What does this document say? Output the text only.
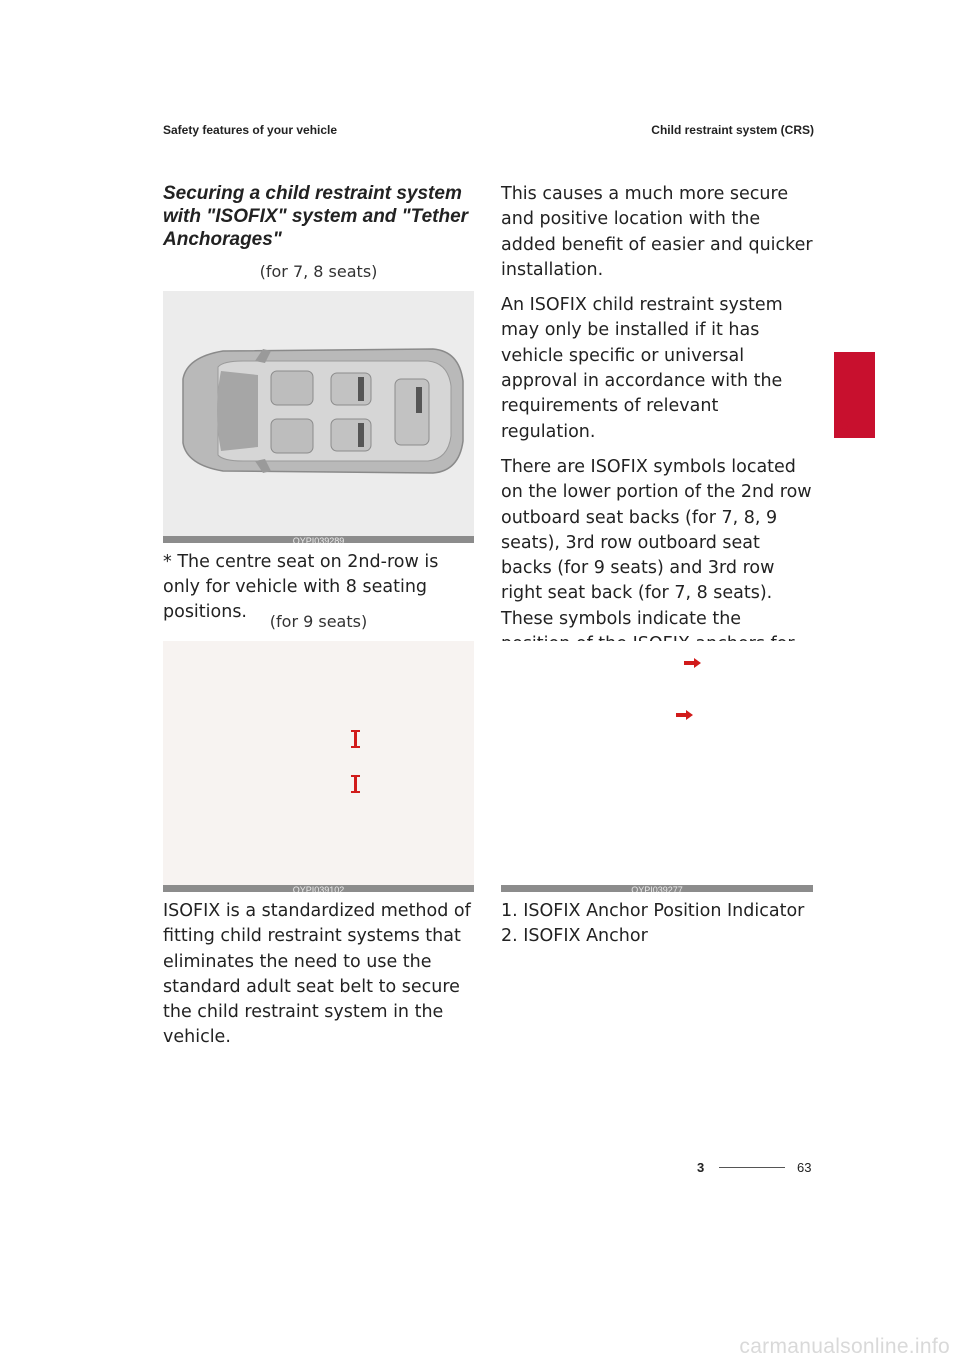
Safety features of your vehicle	Child restraint system (CRS)
3
Securing a child restraint system with "ISOFIX" system and "Tether Anchorages"
(for 7, 8 seats)
OYPI039289
* The centre seat on 2nd-row is only for vehicle with 8 seating positions.	(for 9 seats)
OYPI039102
ISOFIX is a standardized method of fitting child restraint systems that eliminates the need to use the standard adult seat belt to secure the child restraint system in the vehicle.

This causes a much more secure and positive location with the added benefit of easier and quicker installation.

An ISOFIX child restraint system may only be installed if it has vehicle specific or universal approval in accordance with the requirements of relevant regulation.

There are ISOFIX symbols located on the lower portion of the 2nd row outboard seat backs (for 7, 8, 9 seats), 3rd row outboard seat backs (for 9 seats) and 3rd row right seat back (for 7, 8 seats). These symbols indicate the

OYPI039277
1. ISOFIX Anchor Position Indicator
2. ISOFIX Anchor
3	63
carmanualsonline.info
